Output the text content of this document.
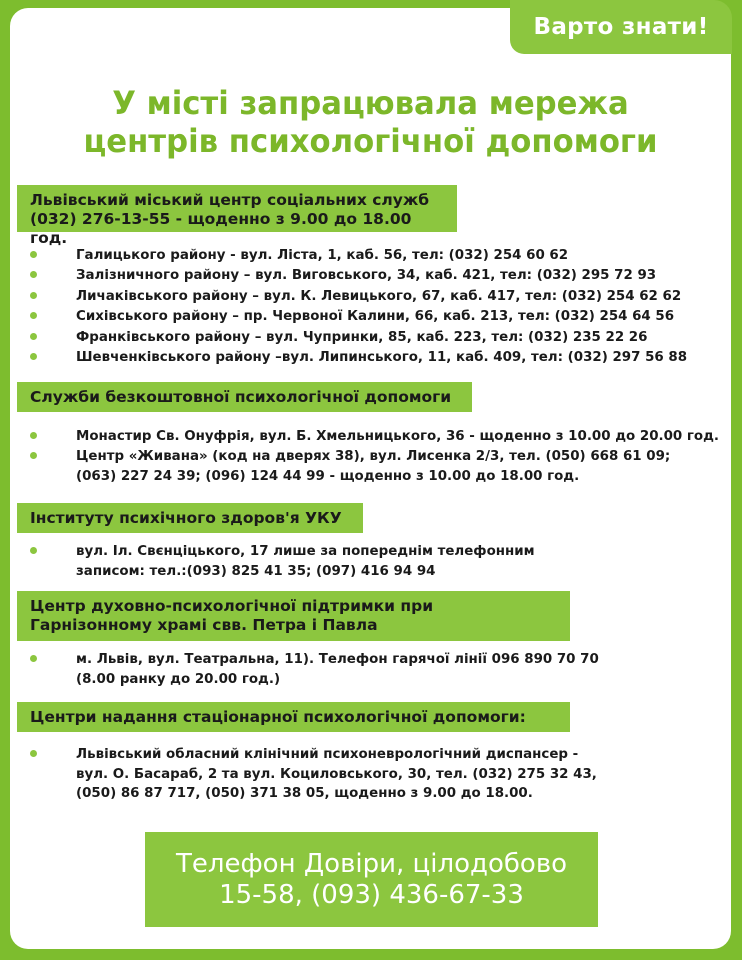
Варто знати!
У місті запрацювала мережа
центрів психологічної допомоги
Львівський міський центр соціальних служб
(032) 276-13-55 - щоденно з 9.00 до 18.00 год.
Галицького району - вул. Ліста, 1, каб. 56, тел: (032) 254 60 62
Залізничного району – вул. Виговського, 34, каб. 421, тел: (032) 295 72 93
Личаківського району – вул. К. Левицького, 67, каб. 417, тел: (032) 254 62 62
Сихівського району – пр. Червоної Калини, 66, каб. 213, тел: (032) 254 64 56
Франківського району – вул. Чупринки, 85, каб. 223, тел: (032) 235 22 26
Шевченківського району –вул. Липинського, 11, каб. 409, тел: (032) 297 56 88
Служби безкоштовної психологічної допомоги
Монастир Св. Онуфрія, вул. Б. Хмельницького, 36 - щоденно з 10.00 до 20.00 год.
Центр «Живана» (код на дверях 38), вул. Лисенка 2/3, тел. (050) 668 61 09; (063) 227 24 39; (096) 124 44 99 - щоденно з 10.00 до 18.00 год.
Інституту психічного здоров'я УКУ
вул. Іл. Свєнціцького, 17 лише за попереднім телефонним записом: тел.:(093) 825 41 35; (097) 416 94 94
Центр духовно-психологічної підтримки при
Гарнізонному храмі свв. Петра і Павла
м. Львів, вул. Театральна, 11). Телефон гарячої лінії 096 890 70 70 (8.00 ранку до 20.00 год.)
Центри надання стаціонарної психологічної допомоги:
Львівський обласний клінічний психоневрологічний диспансер - вул. О. Басараб, 2 та вул. Коциловського, 30, тел. (032) 275 32 43, (050) 86 87 717, (050) 371 38 05, щоденно з 9.00 до 18.00.
Телефон Довіри, цілодобово
15-58, (093) 436-67-33
